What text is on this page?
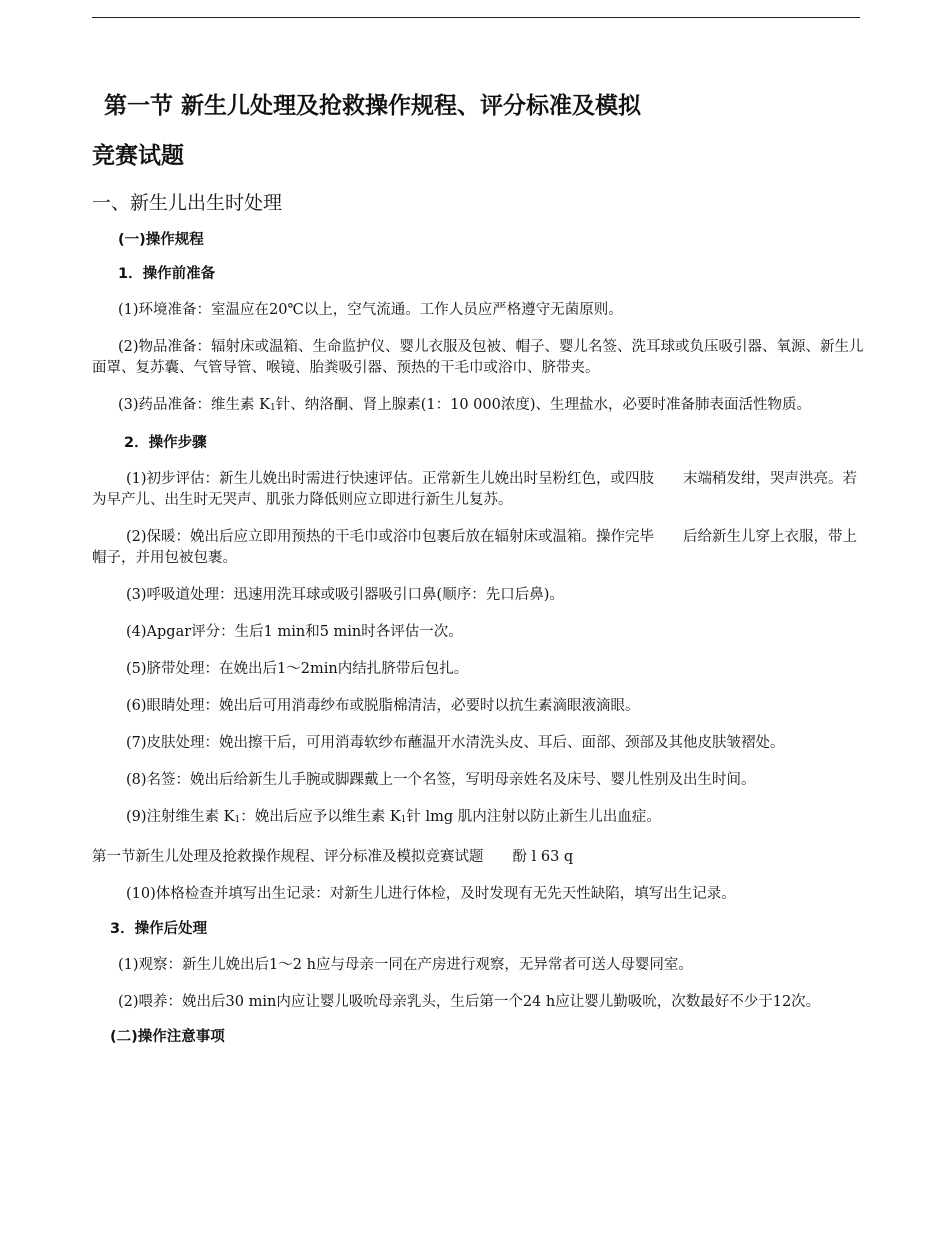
第一节 新生儿处理及抢救操作规程、评分标准及模拟
竞赛试题
一、新生儿出生时处理
(一)操作规程
1．操作前准备

(1)环境准备：室温应在20℃以上，空气流通。工作人员应严格遵守无菌原则。

(2)物品准备：辐射床或温箱、生命监护仪、婴儿衣服及包被、帽子、婴儿名签、洗耳球或负压吸引器、氧源、新生儿面罩、复苏囊、气管导管、喉镜、胎粪吸引器、预热的干毛巾或浴巾、脐带夹。

(3)药品准备：维生素 $K_1$针、纳洛酮、肾上腺素(1：10 000浓度)、生理盐水，必要时准备肺表面活性物质。

2．操作步骤

(1)初步评估：新生儿娩出时需进行快速评估。正常新生儿娩出时呈粉红色，或四肢　　末端稍发绀，哭声洪亮。若为早产儿、出生时无哭声、肌张力降低则应立即进行新生儿复苏。

(2)保暖：娩出后应立即用预热的干毛巾或浴巾包裹后放在辐射床或温箱。操作完毕　　后给新生儿穿上衣服，带上帽子，并用包被包裹。

(3)呼吸道处理：迅速用洗耳球或吸引器吸引口鼻(顺序：先口后鼻)。

(4)Apgar评分：生后1 min和5 min时各评估一次。

(5)脐带处理：在娩出后1～2min内结扎脐带后包扎。

(6)眼睛处理：娩出后可用消毒纱布或脱脂棉清洁，必要时以抗生素滴眼液滴眼。

(7)皮肤处理：娩出擦干后，可用消毒软纱布蘸温开水清洗头皮、耳后、面部、颈部及其他皮肤皱褶处。

(8)名签：娩出后给新生儿手腕或脚踝戴上一个名签，写明母亲姓名及床号、婴儿性别及出生时间。

(9)注射维生素 $K_1$：娩出后应予以维生素 $K_1$针 lmg 肌内注射以防止新生儿出血症。

第一节新生儿处理及抢救操作规程、评分标准及模拟竞赛试题　　酚 l 63 q

(10)体格检查并填写出生记录：对新生儿进行体检，及时发现有无先天性缺陷，填写出生记录。

3．操作后处理

(1)观察：新生儿娩出后1～2 h应与母亲一同在产房进行观察，无异常者可送人母婴同室。

(2)喂养：娩出后30 min内应让婴儿吸吮母亲乳头，生后第一个24 h应让婴儿勤吸吮，次数最好不少于12次。

(二)操作注意事项
